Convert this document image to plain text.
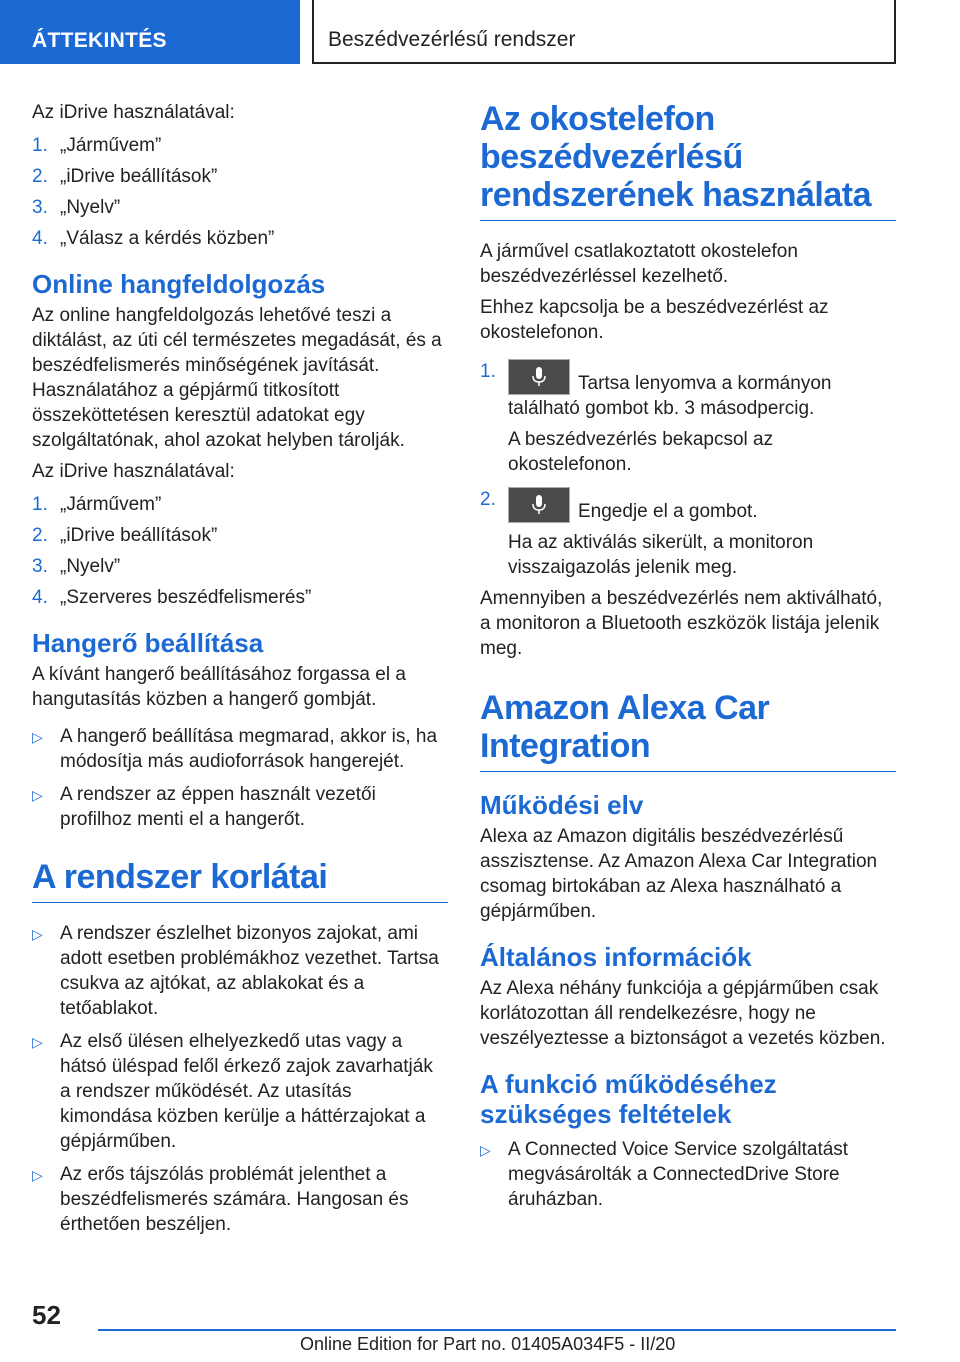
ÁTTEKINTÉS	Beszédvezérlésű rendszer

Az iDrive használatával:

1. „Járművem”
2. „iDrive beállítások”
3. „Nyelv”
4. „Válasz a kérdés közben”
Online hangfeldolgozás

Az online hangfeldolgozás lehetővé teszi a diktálást, az úti cél természetes megadását, és a beszédfelismerés minőségének javítását. Használatához a gépjármű titkosított összeköttetésen keresztül adatokat egy szolgáltatónak, ahol azokat helyben tárolják.

Az iDrive használatával:

1. „Járművem”
2. „iDrive beállítások”
3. „Nyelv”
4. „Szerveres beszédfelismerés”
Hangerő beállítása

A kívánt hangerő beállításához forgassa el a hangutasítás közben a hangerő gombját.

▷ A hangerő beállítása megmarad, akkor is, ha módosítja más audioforrások hangerejét.
▷ A rendszer az éppen használt vezetői profilhoz menti el a hangerőt.
A rendszer korlátai
▷ A rendszer észlelhet bizonyos zajokat, ami adott esetben problémákhoz vezethet. Tartsa csukva az ajtókat, az ablakokat és a tetőablakot.
▷ Az első ülésen elhelyezkedő utas vagy a hátsó üléspad felől érkező zajok zavarhatják a rendszer működését. Az utasítás kimondása közben kerülje a háttérzajokat a gépjárműben.
▷ Az erős tájszólás problémát jelenthet a beszédfelismerés számára. Hangosan és érthetően beszéljen.
Az okostelefon beszédvezérlésű rendszerének használata

A járművel csatlakoztatott okostelefon beszédvezérléssel kezelhető.

Ehhez kapcsolja be a beszédvezérlést az okostelefonon.

1.
Tartsa lenyomva a kormányon található gombot kb. 3 másodpercig.
A beszédvezérlés bekapcsol az okostelefonon.
2.
Engedje el a gombot.
Ha az aktiválás sikerült, a monitoron visszaigazolás jelenik meg.

Amennyiben a beszédvezérlés nem aktiválható, a monitoron a Bluetooth eszközök listája jelenik meg.

Amazon Alexa Car Integration
Működési elv

Alexa az Amazon digitális beszédvezérlésű asszisztense. Az Amazon Alexa Car Integration csomag birtokában az Alexa használható a gépjárműben.

Általános információk

Az Alexa néhány funkciója a gépjárműben csak korlátozottan áll rendelkezésre, hogy ne veszélyeztesse a biztonságot a vezetés közben.

A funkció működéséhez szükséges feltételek
▷ A Connected Voice Service szolgáltatást megvásárolták a ConnectedDrive Store áruházban.
52
Online Edition for Part no. 01405A034F5 - II/20
